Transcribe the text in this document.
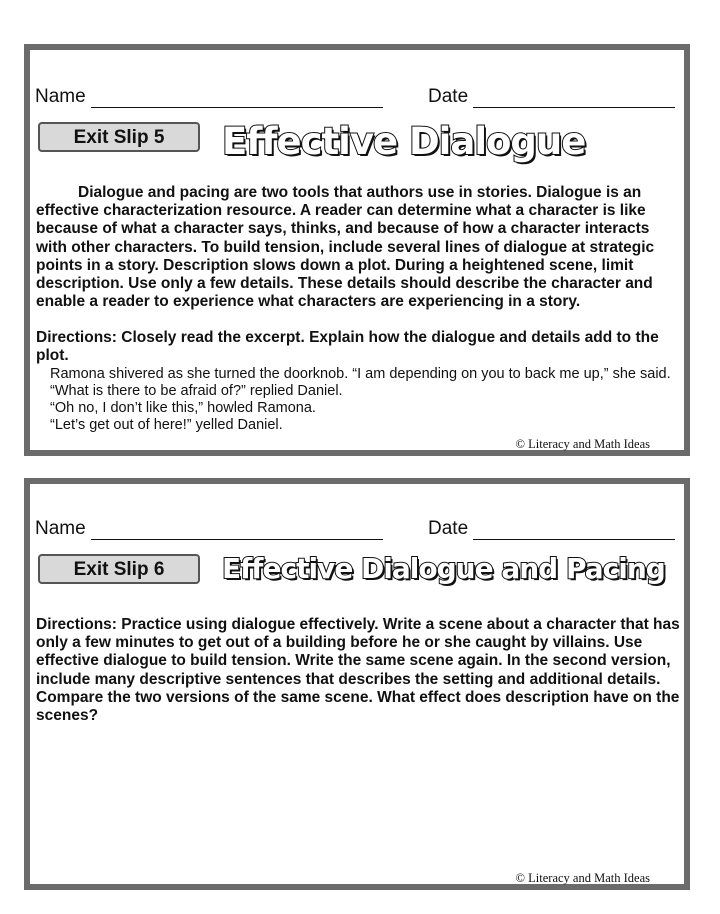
Name	Date
Exit Slip 5	Effective Dialogue

Dialogue and pacing are two tools that authors use in stories. Dialogue is an effective characterization resource. A reader can determine what a character is like because of what a character says, thinks, and because of how a character interacts with other characters. To build tension, include several lines of dialogue at strategic points in a story. Description slows down a plot. During a heightened scene, limit description. Use only a few details. These details should describe the character and enable a reader to experience what characters are experiencing in a story.

Directions: Closely read the excerpt. Explain how the dialogue and details add to the plot.

Ramona shivered as she turned the doorknob. “I am depending on you to back me up,” she said.
“What is there to be afraid of?” replied Daniel.
“Oh no, I don’t like this,” howled Ramona.
“Let’s get out of here!” yelled Daniel.
© Literacy and Math Ideas
Name	Date
Exit Slip 6	Effective Dialogue and Pacing

Directions: Practice using dialogue effectively. Write a scene about a character that has only a few minutes to get out of a building before he or she caught by villains. Use effective dialogue to build tension. Write the same scene again. In the second version, include many descriptive sentences that describes the setting and additional details. Compare the two versions of the same scene. What effect does description have on the scenes?

© Literacy and Math Ideas
